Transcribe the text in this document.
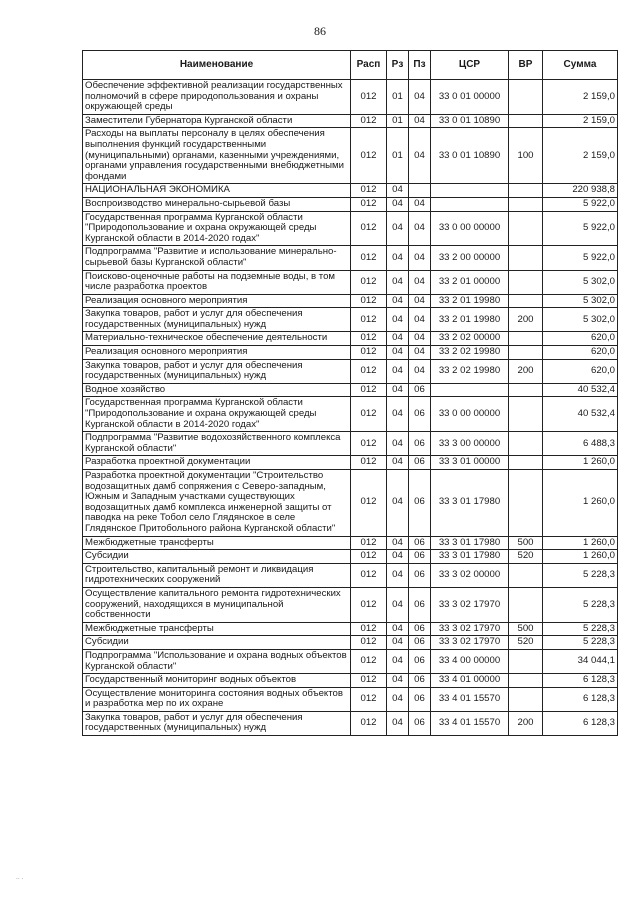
86
Наименование	Расп	Рз	Пз	ЦСР	ВР	Сумма
Обеспечение эффективной реализации государственных полномочий в сфере природопользования и охраны окружающей среды	012	01	04	33 0 01 00000		2 159,0
Заместители Губернатора Курганской области	012	01	04	33 0 01 10890		2 159,0
Расходы на выплаты персоналу в целях обеспечения выполнения функций государственными (муниципальными) органами, казенными учреждениями, органами управления государственными внебюджетными фондами	012	01	04	33 0 01 10890	100	2 159,0
НАЦИОНАЛЬНАЯ ЭКОНОМИКА	012	04				220 938,8
Воспроизводство минерально-сырьевой базы	012	04	04			5 922,0
Государственная программа Курганской области "Природопользование и охрана окружающей среды Курганской области в 2014-2020 годах"	012	04	04	33 0 00 00000		5 922,0
Подпрограмма "Развитие и использование минерально-сырьевой базы Курганской области"	012	04	04	33 2 00 00000		5 922,0
Поисково-оценочные работы на подземные воды, в том числе разработка проектов	012	04	04	33 2 01 00000		5 302,0
Реализация основного мероприятия	012	04	04	33 2 01 19980		5 302,0
Закупка товаров, работ и услуг для обеспечения государственных (муниципальных) нужд	012	04	04	33 2 01 19980	200	5 302,0
Материально-техническое обеспечение деятельности	012	04	04	33 2 02 00000		620,0
Реализация основного мероприятия	012	04	04	33 2 02 19980		620,0
Закупка товаров, работ и услуг для обеспечения государственных (муниципальных) нужд	012	04	04	33 2 02 19980	200	620,0
Водное хозяйство	012	04	06			40 532,4
Государственная программа Курганской области "Природопользование и охрана окружающей среды Курганской области в 2014-2020 годах"	012	04	06	33 0 00 00000		40 532,4
Подпрограмма "Развитие водохозяйственного комплекса Курганской области"	012	04	06	33 3 00 00000		6 488,3
Разработка проектной документации	012	04	06	33 3 01 00000		1 260,0
Разработка проектной документации "Строительство водозащитных дамб сопряжения с Северо-западным, Южным и Западным участками существующих водозащитных дамб комплекса инженерной защиты от паводка на реке Тобол село Глядянское в селе Глядянское Притобольного района Курганской области"	012	04	06	33 3 01 17980		1 260,0
Межбюджетные трансферты	012	04	06	33 3 01 17980	500	1 260,0
Субсидии	012	04	06	33 3 01 17980	520	1 260,0
Строительство, капитальный ремонт и ликвидация гидротехнических сооружений	012	04	06	33 3 02 00000		5 228,3
Осуществление капитального ремонта гидротехнических сооружений, находящихся в муниципальной собственности	012	04	06	33 3 02 17970		5 228,3
Межбюджетные трансферты	012	04	06	33 3 02 17970	500	5 228,3
Субсидии	012	04	06	33 3 02 17970	520	5 228,3
Подпрограмма "Использование и охрана водных объектов Курганской области"	012	04	06	33 4 00 00000		34 044,1
Государственный мониторинг водных объектов	012	04	06	33 4 01 00000		6 128,3
Осуществление мониторинга состояния водных объектов и разработка мер по их охране	012	04	06	33 4 01 15570		6 128,3
Закупка товаров, работ и услуг для обеспечения государственных (муниципальных) нужд	012	04	06	33 4 01 15570	200	6 128,3
·· ·
